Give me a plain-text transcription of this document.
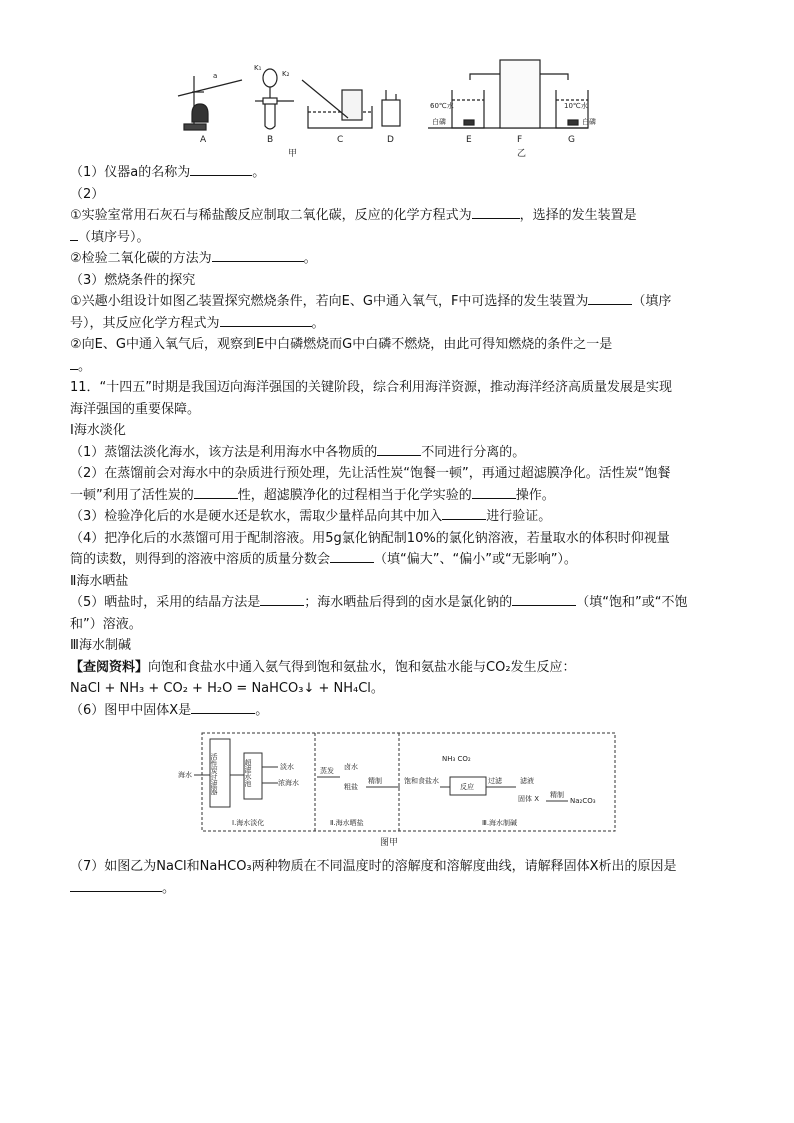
a
K₁
K₂
A	B	C	D
甲
60℃水
白磷
10℃水
白磷
E	F	G
乙
（1）仪器a的名称为	。
（2）
①实验室常用石灰石与稀盐酸反应制取二氧化碳，反应的化学方程式为	，选择的发生装置是
（填序号）。
②检验二氧化碳的方法为	。
（3）燃烧条件的探究
①兴趣小组设计如图乙装置探究燃烧条件，若向E、G中通入氧气，F中可选择的发生装置为	（填序
号），其反应化学方程式为	。
②向E、G中通入氧气后，观察到E中白磷燃烧而G中白磷不燃烧，由此可得知燃烧的条件之一是
。
11．“十四五”时期是我国迈向海洋强国的关键阶段，综合利用海洋资源，推动海洋经济高质量发展是实现
海洋强国的重要保障。
Ⅰ海水淡化
（1）蒸馏法淡化海水，该方法是利用海水中各物质的	不同进行分离的。
（2）在蒸馏前会对海水中的杂质进行预处理，先让活性炭“饱餐一顿”，再通过超滤膜净化。活性炭“饱餐
一顿”利用了活性炭的	性，超滤膜净化的过程相当于化学实验的	操作。
（3）检验净化后的水是硬水还是软水，需取少量样品向其中加入	进行验证。
（4）把净化后的水蒸馏可用于配制溶液。用5g氯化钠配制10%的氯化钠溶液，若量取水的体积时仰视量
筒的读数，则得到的溶液中溶质的质量分数会	（填“偏大”、“偏小”或“无影响”）。
Ⅱ海水晒盐
（5）晒盐时，采用的结晶方法是	；海水晒盐后得到的卤水是氯化钠的	（填“饱和”或“不饱
和”）溶液。
Ⅲ海水制碱
【查阅资料】向饱和食盐水中通入氨气得到饱和氨盐水，饱和氨盐水能与CO₂发生反应：
NaCl + NH₃ + CO₂ + H₂O = NaHCO₃↓ + NH₄Cl。
（6）图甲中固体X是	。
海水	活性炭过滤器	超滤水池	淡水
浓海水
蒸发 卤水
粗盐
精制	饱和食盐水
NH₃ CO₂
反应
过滤	滤液
固体 X 精制
Na₂CO₃
Ⅰ.海水淡化	Ⅱ.海水晒盐	Ⅲ.海水制碱
图甲
（7）如图乙为NaCl和NaHCO₃两种物质在不同温度时的溶解度和溶解度曲线，请解释固体X析出的原因是
。
